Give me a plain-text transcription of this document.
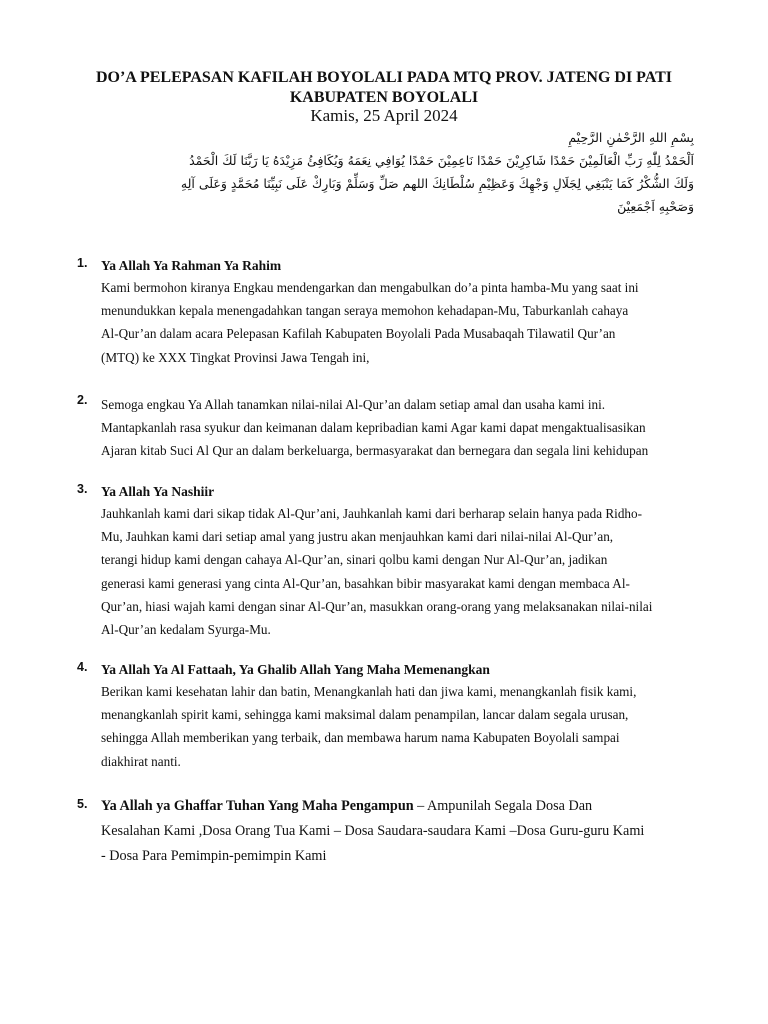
DO’A PELEPASAN KAFILAH BOYOLALI PADA MTQ PROV. JATENG DI PATI
KABUPATEN BOYOLALI
Kamis, 25 April 2024
بِسْمِ اللهِ الرَّحْمٰنِ الرَّحِيْمِ
اَلْحَمْدُ لِلّٰهِ رَبِّ الْعَالَمِيْنَ حَمْدًا شَاكِرِيْنَ حَمْدًا نَاعِمِيْنَ حَمْدًا يُوَافِي نِعَمَهُ وَيُكَافِئُ مَزِيْدَهُ يَا رَبَّنَا لَكَ الْحَمْدُ
وَلَكَ الشُّكْرُ كَمَا يَنْبَغِي لِجَلَالِ وَجْهِكَ وَعَظِيْمِ سُلْطَانِكَ اللهم صَلِّ وَسَلِّمْ وَبَارِكْ عَلَى نَبِيِّنَا مُحَمَّدٍ وَعَلَى آلِهِ
وَصَحْبِهِ اَجْمَعِيْنَ
1.	Ya Allah Ya Rahman Ya Rahim
Kami bermohon kiranya Engkau mendengarkan dan mengabulkan do’a pinta hamba-Mu yang saat ini
menundukkan kepala menengadahkan tangan seraya memohon kehadapan-Mu, Taburkanlah cahaya
Al-Qur’an dalam acara Pelepasan Kafilah Kabupaten Boyolali Pada Musabaqah Tilawatil Qur’an
(MTQ) ke XXX Tingkat Provinsi Jawa Tengah ini,
2.	Semoga engkau Ya Allah tanamkan nilai-nilai Al-Qur’an dalam setiap amal dan usaha kami ini.
Mantapkanlah rasa syukur dan keimanan dalam kepribadian kami Agar kami dapat mengaktualisasikan
Ajaran kitab Suci Al Qur an dalam berkeluarga, bermasyarakat dan bernegara dan segala lini kehidupan
3.	Ya Allah Ya Nashiir
Jauhkanlah kami dari sikap tidak Al-Qur’ani, Jauhkanlah kami dari berharap selain hanya pada Ridho-
Mu, Jauhkan kami dari setiap amal yang justru akan menjauhkan kami dari nilai-nilai Al-Qur’an,
terangi hidup kami dengan cahaya Al-Qur’an, sinari qolbu kami dengan Nur Al-Qur’an, jadikan
generasi kami generasi yang cinta Al-Qur’an, basahkan bibir masyarakat kami dengan membaca Al-
Qur’an, hiasi wajah kami dengan sinar Al-Qur’an, masukkan orang-orang yang melaksanakan nilai-nilai
Al-Qur’an kedalam Syurga-Mu.
4.	Ya Allah Ya Al Fattaah, Ya Ghalib Allah Yang Maha Memenangkan
Berikan kami kesehatan lahir dan batin, Menangkanlah hati dan jiwa kami, menangkanlah fisik kami,
menangkanlah spirit kami, sehingga kami maksimal dalam penampilan, lancar dalam segala urusan,
sehingga Allah memberikan yang terbaik, dan membawa harum nama Kabupaten Boyolali sampai
diakhirat nanti.
5. Ya Allah ya Ghaffar Tuhan Yang Maha Pengampun – Ampunilah Segala Dosa Dan
Kesalahan Kami ,Dosa Orang Tua Kami – Dosa Saudara-saudara Kami –Dosa Guru-guru Kami
- Dosa Para Pemimpin-pemimpin Kami
